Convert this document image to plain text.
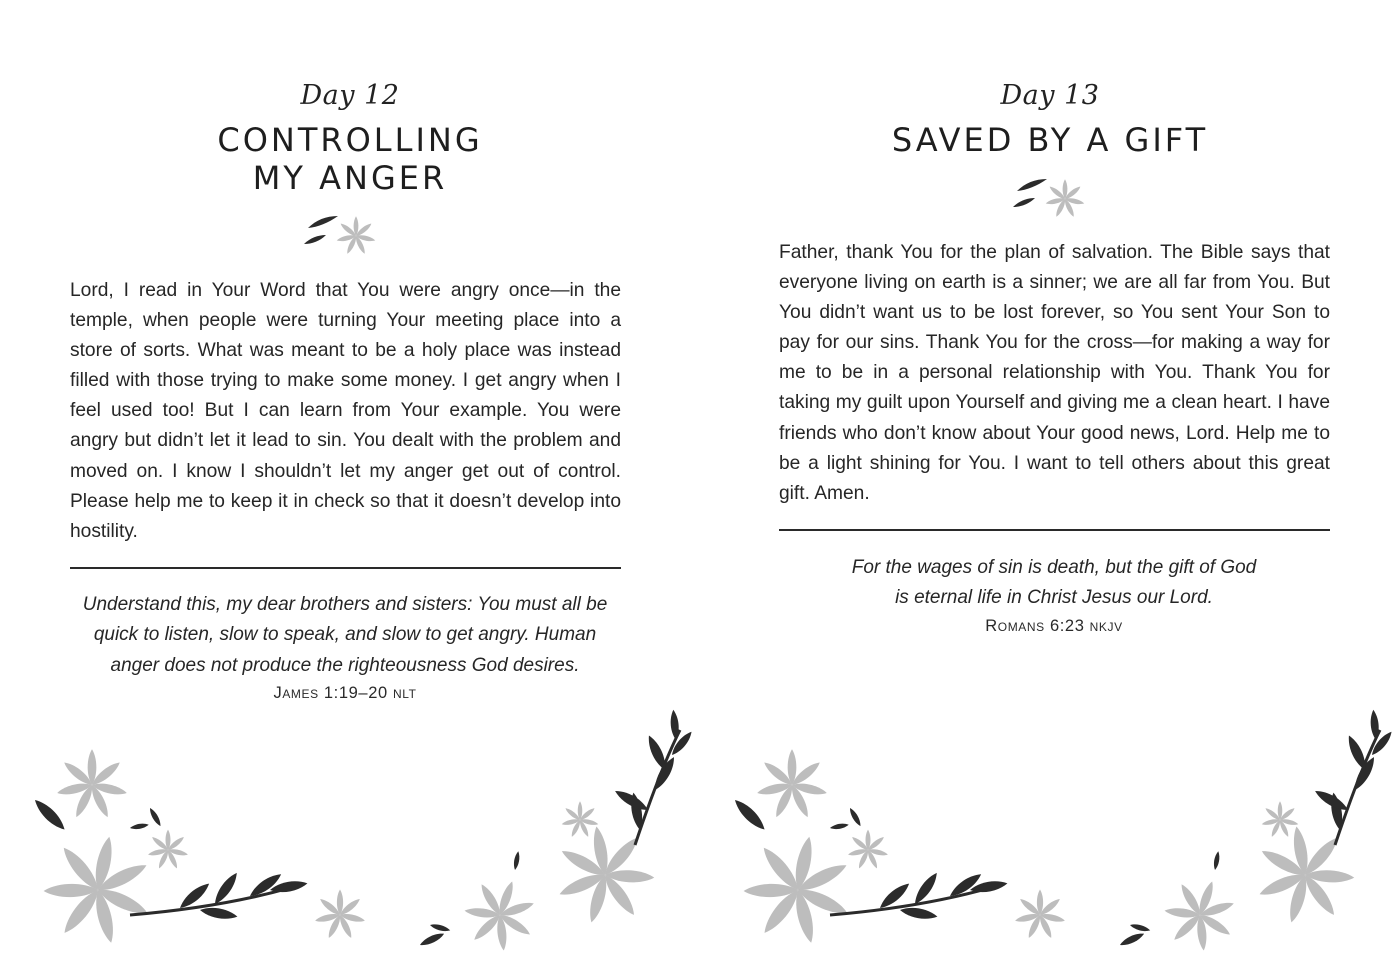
Day 12
CONTROLLING
MY ANGER

Lord, I read in Your Word that You were angry once—in the temple, when people were turning Your meeting place into a store of sorts. What was meant to be a holy place was instead filled with those trying to make some money. I get angry when I feel used too! But I can learn from Your example. You were angry but didn’t let it lead to sin. You dealt with the problem and moved on. I know I shouldn’t let my anger get out of control. Please help me to keep it in check so that it doesn’t develop into hostility.

Understand this, my dear brothers and sisters: You must all be
quick to listen, slow to speak, and slow to get angry. Human
anger does not produce the righteousness God desires.
James 1:19–20 nlt
Day 13
SAVED BY A GIFT

Father, thank You for the plan of salvation. The Bible says that everyone living on earth is a sinner; we are all far from You. But You didn’t want us to be lost forever, so You sent Your Son to pay for our sins. Thank You for the cross—for making a way for me to be in a personal relationship with You. Thank You for taking my guilt upon Yourself and giving me a clean heart. I have friends who don’t know about Your good news, Lord. Help me to be a light shining for You. I want to tell others about this great gift. Amen.

For the wages of sin is death, but the gift of God
is eternal life in Christ Jesus our Lord.
Romans 6:23 nkjv
